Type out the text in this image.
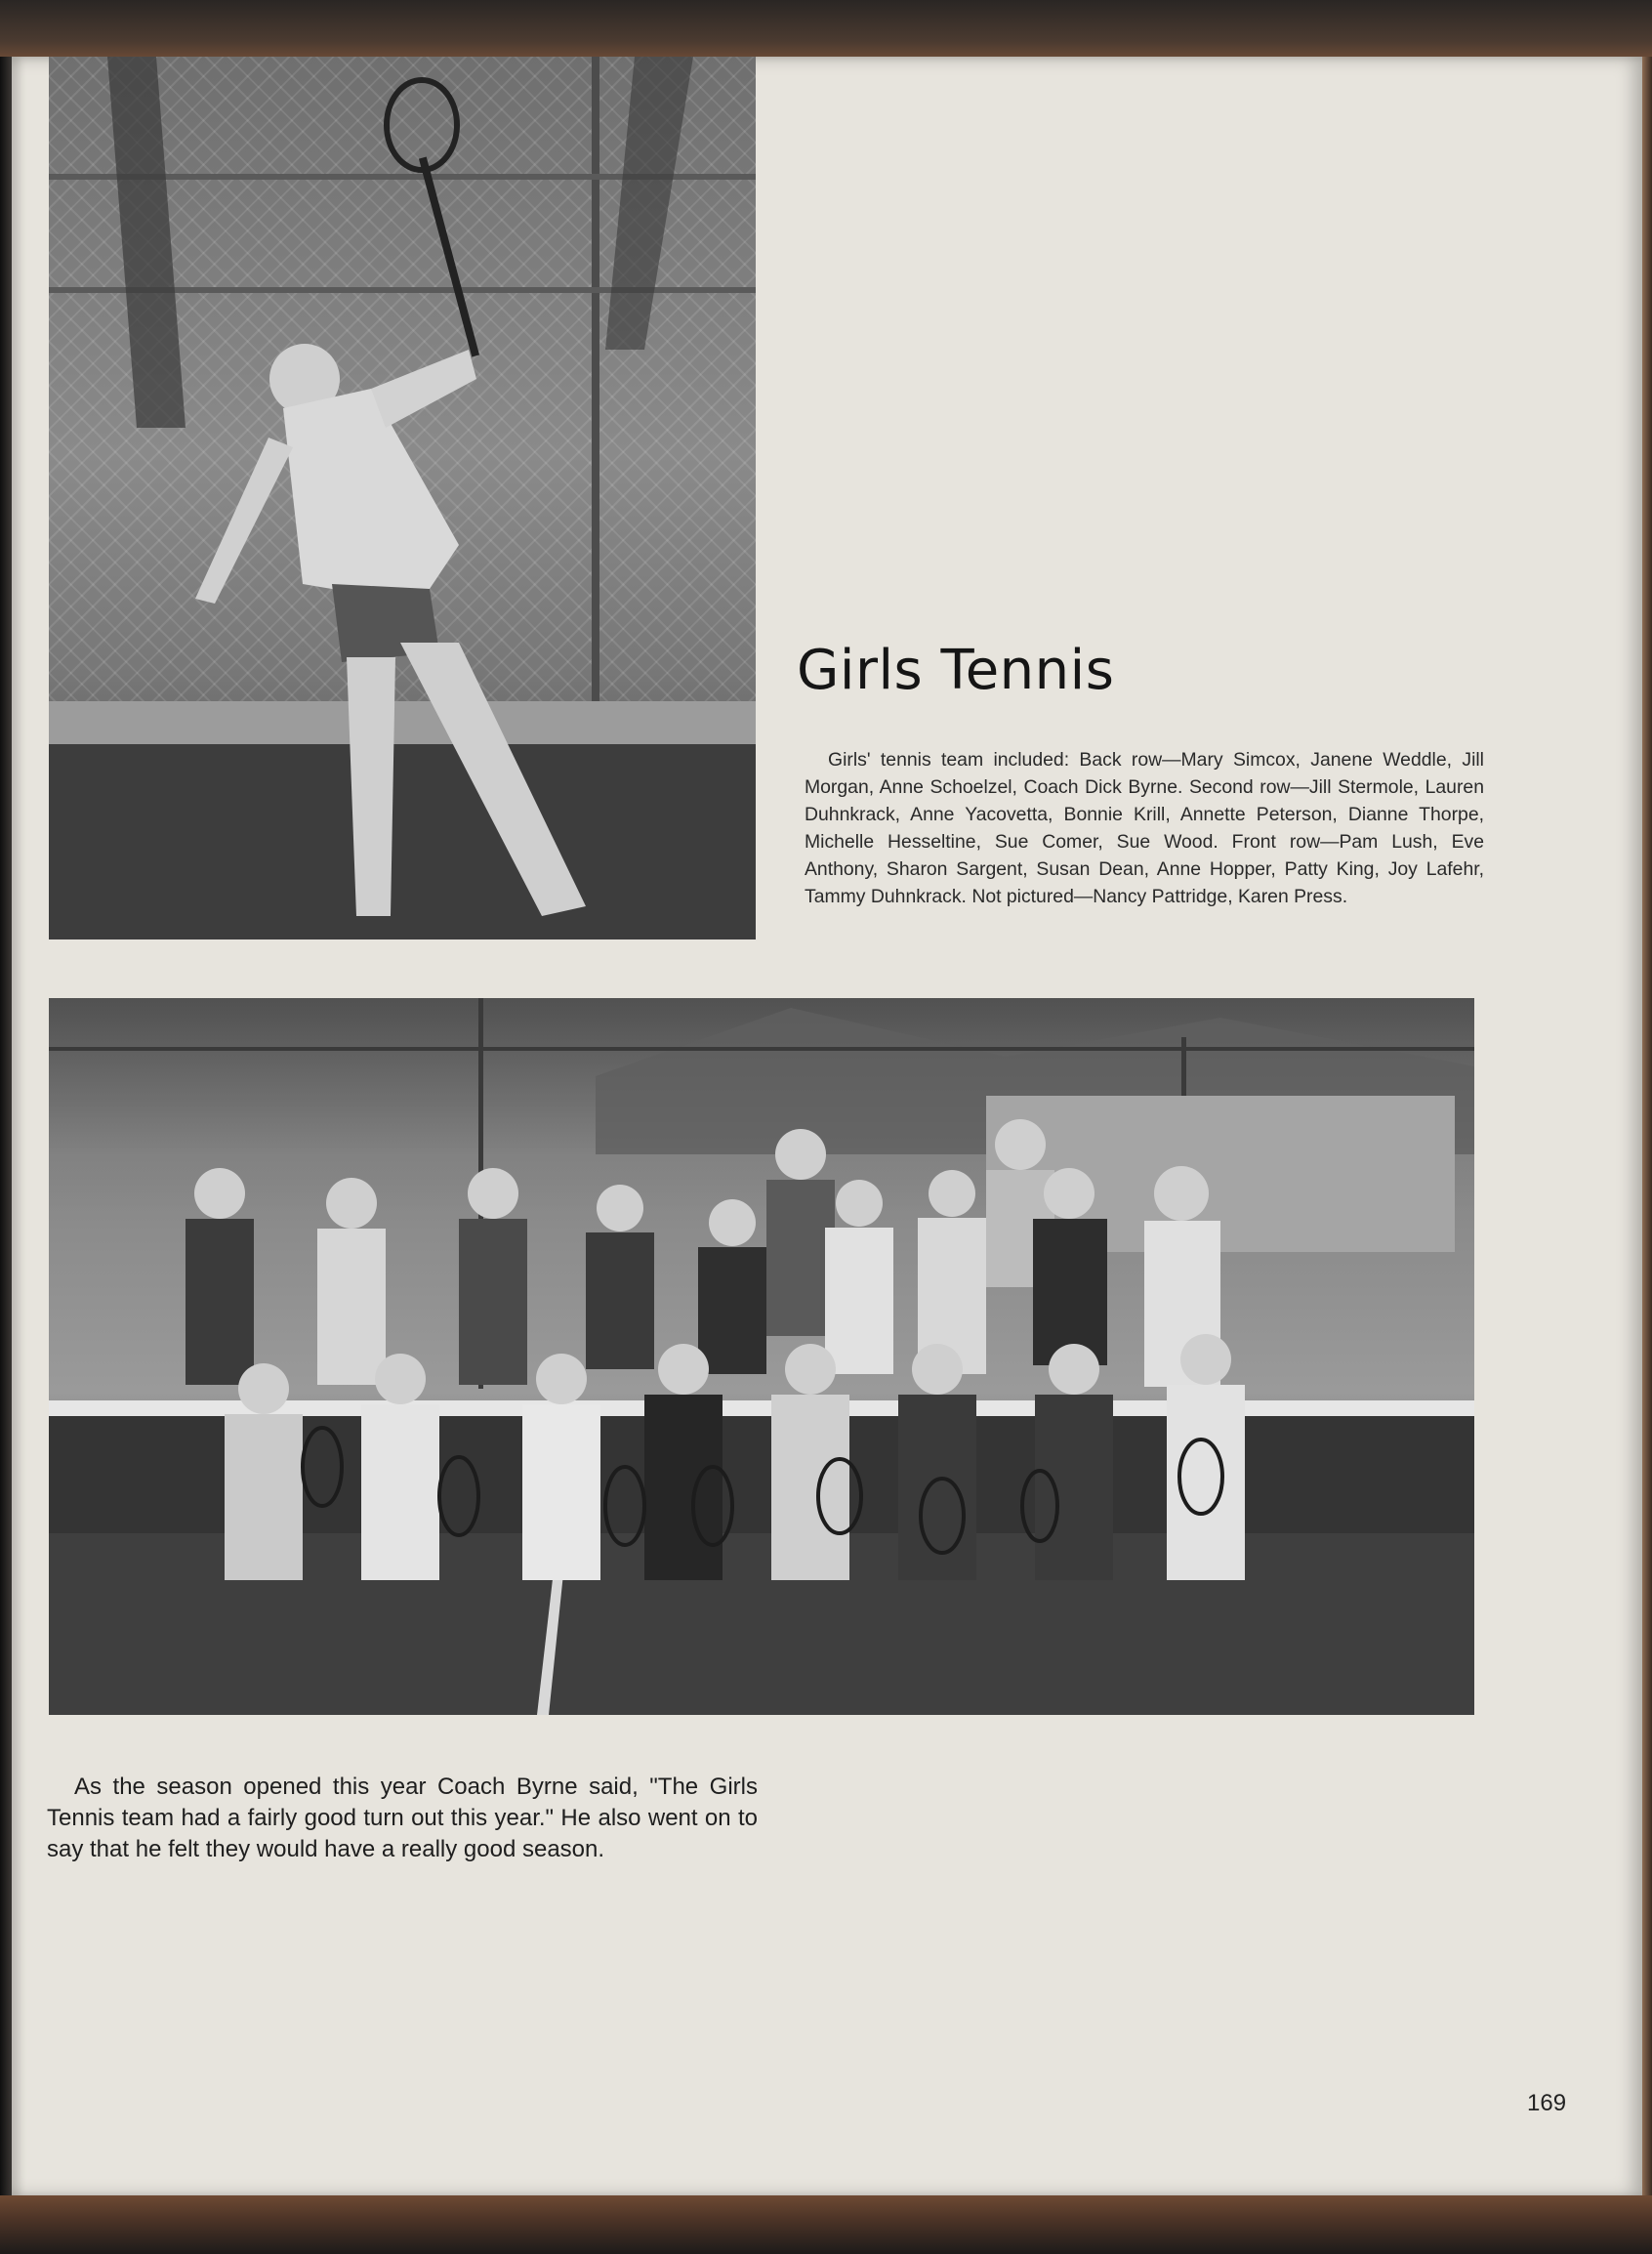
Girls Tennis

Girls' tennis team included: Back row—Mary Simcox, Janene Weddle, Jill Morgan, Anne Schoelzel, Coach Dick Byrne. Second row—Jill Stermole, Lauren Duhnkrack, Anne Yacovetta, Bonnie Krill, Annette Peterson, Dianne Thorpe, Michelle Hesseltine, Sue Comer, Sue Wood. Front row—Pam Lush, Eve Anthony, Sharon Sargent, Susan Dean, Anne Hopper, Patty King, Joy Lafehr, Tammy Duhnkrack. Not pictured—Nancy Pattridge, Karen Press.

As the season opened this year Coach Byrne said, "The Girls Tennis team had a fairly good turn out this year." He also went on to say that he felt they would have a really good season.

169
